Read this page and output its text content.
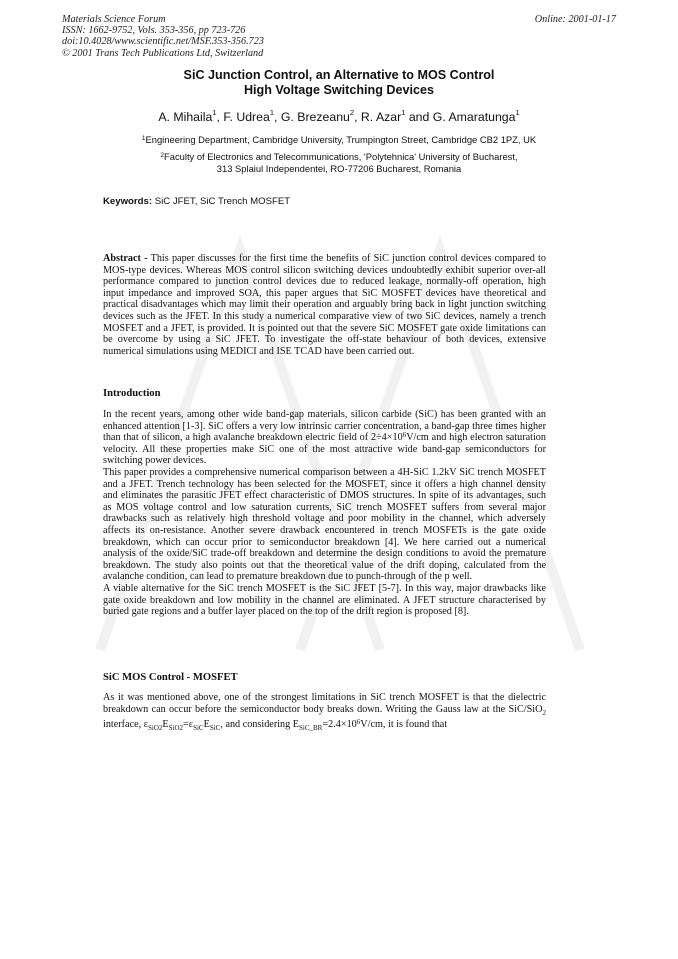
Materials Science Forum
ISSN: 1662-9752, Vols. 353-356, pp 723-726
doi:10.4028/www.scientific.net/MSF.353-356.723
© 2001 Trans Tech Publications Ltd, Switzerland
Online: 2001-01-17
SiC Junction Control, an Alternative to MOS Control
High Voltage Switching Devices
A. Mihaila$^1$, F. Udrea$^1$, G. Brezeanu$^2$, R. Azar$^1$ and G. Amaratunga$^1$
$^1$Engineering Department, Cambridge University, Trumpington Street, Cambridge CB2 1PZ, UK
$^2$Faculty of Electronics and Telecommunications, 'Polytehnica' University of Bucharest,
313 Splaiul Independentei, RO-77206 Bucharest, Romania
Keywords: SiC JFET, SiC Trench MOSFET

Abstract - This paper discusses for the first time the benefits of SiC junction control devices compared to MOS-type devices. Whereas MOS control silicon switching devices undoubtedly exhibit superior over-all performance compared to junction control devices due to reduced leakage, normally-off operation, high input impedance and improved SOA, this paper argues that SiC MOSFET devices have theoretical and practical disadvantages which may limit their operation and arguably bring back in light junction switching devices such as the JFET. In this study a numerical comparative view of two SiC devices, namely a trench MOSFET and a JFET, is provided. It is pointed out that the severe SiC MOSFET gate oxide limitations can be overcome by using a SiC JFET. To investigate the off-state behaviour of both devices, extensive numerical simulations using MEDICI and ISE TCAD have been carried out.

Introduction

In the recent years, among other wide band-gap materials, silicon carbide (SiC) has been granted with an enhanced attention [1-3]. SiC offers a very low intrinsic carrier concentration, a band-gap three times higher than that of silicon, a high avalanche breakdown electric field of $2\div 4\times 10^6V/cm$ and high electron saturation velocity. All these properties make SiC one of the most attractive wide band-gap semiconductors for switching power devices.

This paper provides a comprehensive numerical comparison between a 4H-SiC 1.2kV SiC trench MOSFET and a JFET. Trench technology has been selected for the MOSFET, since it offers a high channel density and eliminates the parasitic JFET effect characteristic of DMOS structures. In spite of its advantages, such as MOS voltage control and low saturation currents, SiC trench MOSFET suffers from several major drawbacks such as relatively high threshold voltage and poor mobility in the channel, which adversely affects its on-resistance. Another severe drawback encountered in trench MOSFETs is the gate oxide breakdown, which can occur prior to semiconductor breakdown [4]. We here carried out a numerical analysis of the oxide/SiC trade-off breakdown and determine the design conditions to avoid the premature breakdown. The study also points out that the theoretical value of the drift doping, calculated from the avalanche condition, can lead to premature breakdown due to punch-through of the p well.

A viable alternative for the SiC trench MOSFET is the SiC JFET [5-7]. In this way, major drawbacks like gate oxide breakdown and low mobility in the channel are eliminated. A JFET structure characterised by buried gate regions and a buffer layer placed on the top of the drift region is proposed [8].

SiC MOS Control - MOSFET

As it was mentioned above, one of the strongest limitations in SiC trench MOSFET is that the dielectric breakdown can occur before the semiconductor body breaks down. Writing the Gauss law at the SiC/SiO$_2$ interface, $\varepsilon_{SiO2}E_{SiO2}=\varepsilon_{SiC}E_{SiC}$, and considering $E_{SiC\_BR}=2.4\times 10^6V/cm$, it is found that
